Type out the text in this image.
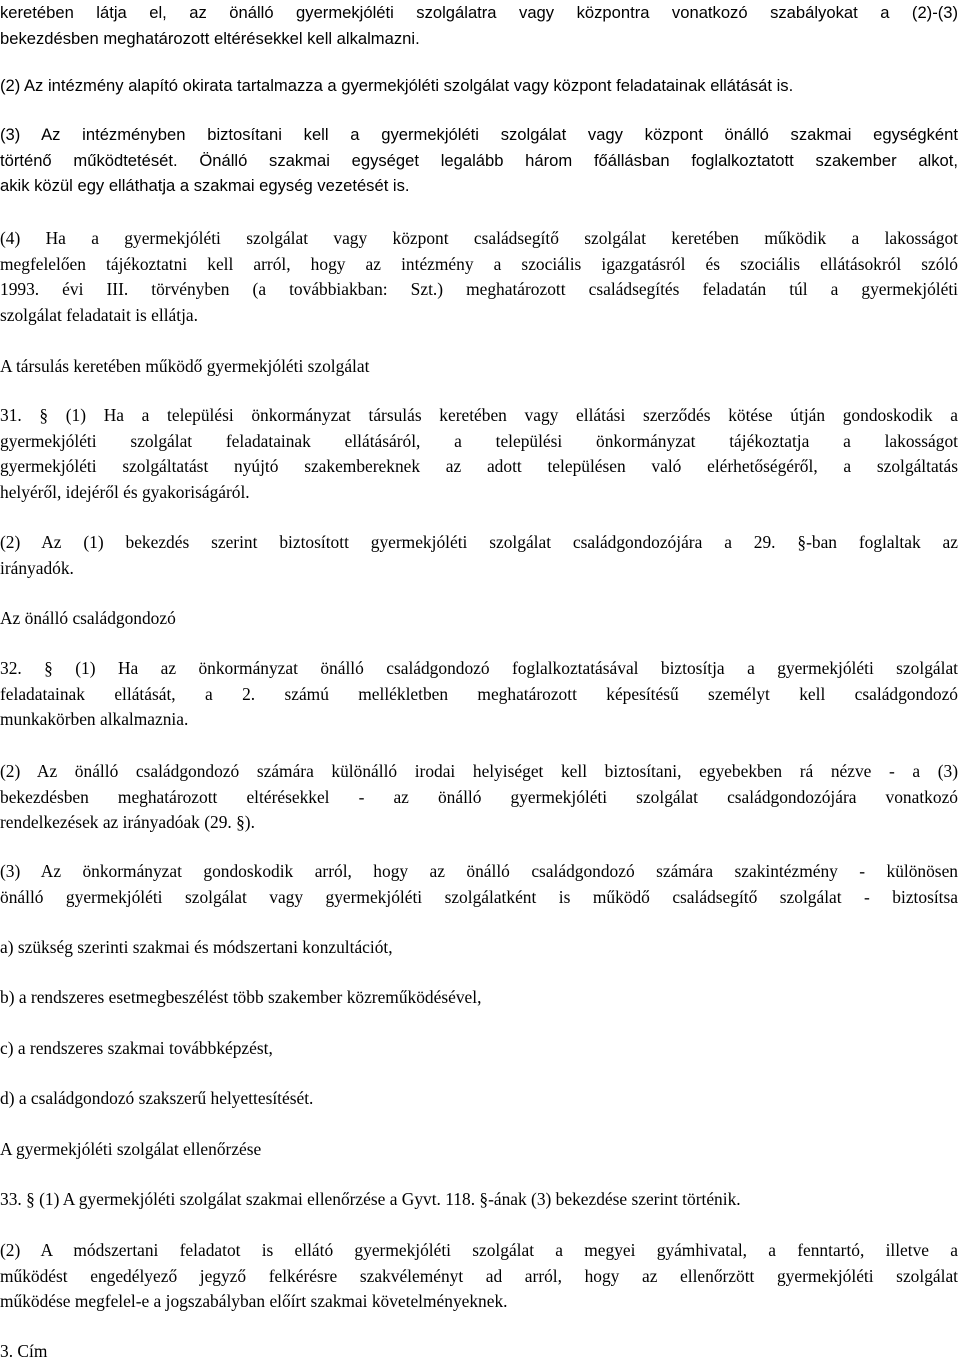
keretében látja el, az önálló gyermekjóléti szolgálatra vagy központra vonatkozó szabályokat a (2)-(3)
bekezdésben meghatározott eltérésekkel kell alkalmazni.
(2) Az intézmény alapító okirata tartalmazza a gyermekjóléti szolgálat vagy központ feladatainak ellátását is.
(3) Az intézményben biztosítani kell a gyermekjóléti szolgálat vagy központ önálló szakmai egységként
történő működtetését. Önálló szakmai egységet legalább három főállásban foglalkoztatott szakember alkot,
akik közül egy elláthatja a szakmai egység vezetését is.
(4) Ha a gyermekjóléti szolgálat vagy központ családsegítő szolgálat keretében működik a lakosságot
megfelelően tájékoztatni kell arról, hogy az intézmény a szociális igazgatásról és szociális ellátásokról szóló
1993. évi III. törvényben (a továbbiakban: Szt.) meghatározott családsegítés feladatán túl a gyermekjóléti
szolgálat feladatait is ellátja.
A társulás keretében működő gyermekjóléti szolgálat
31. § (1) Ha a települési önkormányzat társulás keretében vagy ellátási szerződés kötése útján gondoskodik a
gyermekjóléti szolgálat feladatainak ellátásáról, a települési önkormányzat tájékoztatja a lakosságot
gyermekjóléti szolgáltatást nyújtó szakembereknek az adott településen való elérhetőségéről, a szolgáltatás
helyéről, idejéről és gyakoriságáról.
(2) Az (1) bekezdés szerint biztosított gyermekjóléti szolgálat családgondozójára a 29. §-ban foglaltak az
irányadók.
Az önálló családgondozó
32. § (1) Ha az önkormányzat önálló családgondozó foglalkoztatásával biztosítja a gyermekjóléti szolgálat
feladatainak ellátását, a 2. számú mellékletben meghatározott képesítésű személyt kell családgondozó
munkakörben alkalmaznia.
(2) Az önálló családgondozó számára különálló irodai helyiséget kell biztosítani, egyebekben rá nézve - a (3)
bekezdésben meghatározott eltérésekkel - az önálló gyermekjóléti szolgálat családgondozójára vonatkozó
rendelkezések az irányadóak (29. §).
(3) Az önkormányzat gondoskodik arról, hogy az önálló családgondozó számára szakintézmény - különösen
önálló gyermekjóléti szolgálat vagy gyermekjóléti szolgálatként is működő családsegítő szolgálat - biztosítsa
a) szükség szerinti szakmai és módszertani konzultációt,
b) a rendszeres esetmegbeszélést több szakember közreműködésével,
c) a rendszeres szakmai továbbképzést,
d) a családgondozó szakszerű helyettesítését.
A gyermekjóléti szolgálat ellenőrzése
33. § (1) A gyermekjóléti szolgálat szakmai ellenőrzése a Gyvt. 118. §-ának (3) bekezdése szerint történik.
(2) A módszertani feladatot is ellátó gyermekjóléti szolgálat a megyei gyámhivatal, a fenntartó, illetve a
működést engedélyező jegyző felkérésre szakvéleményt ad arról, hogy az ellenőrzött gyermekjóléti szolgálat
működése megfelel-e a jogszabályban előírt szakmai követelményeknek.
3. Cím
